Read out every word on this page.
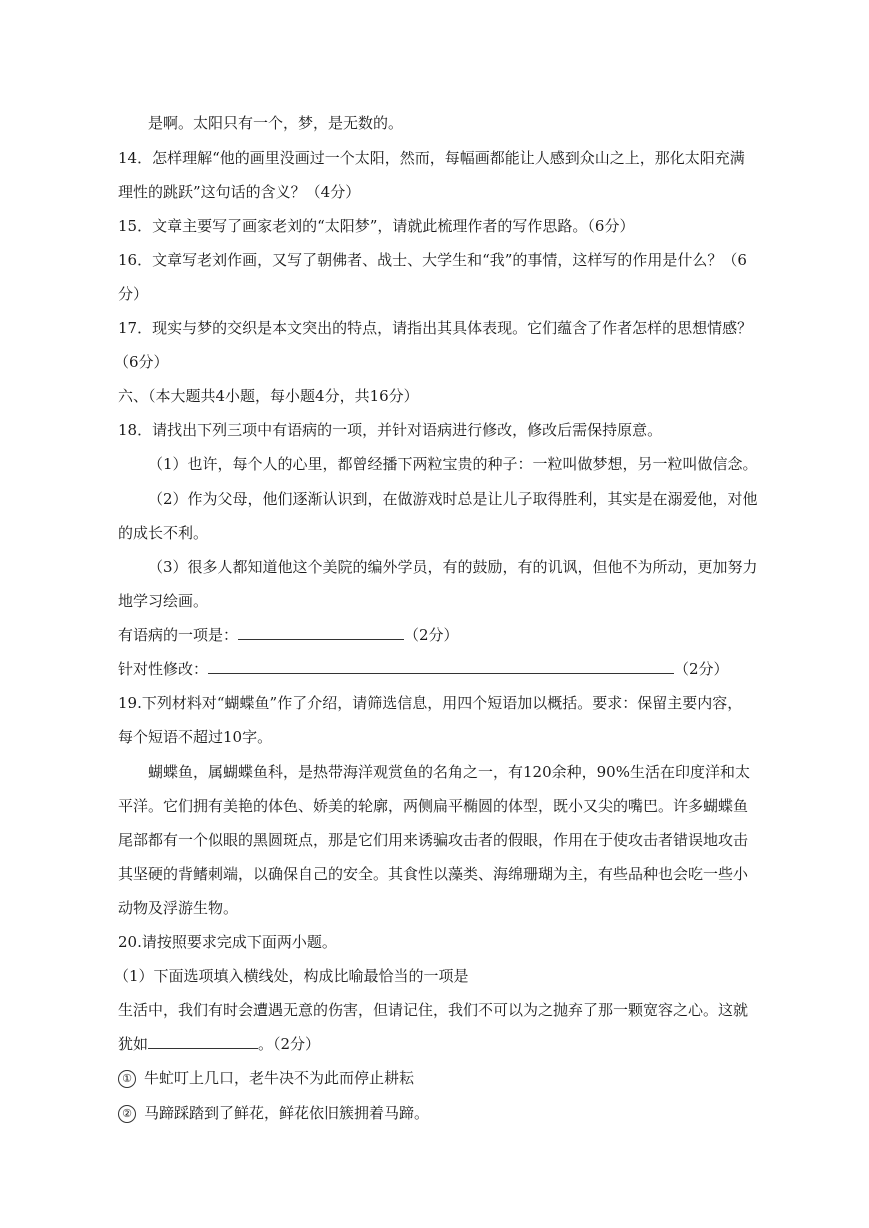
是啊。太阳只有一个，梦，是无数的。
14．怎样理解“他的画里没画过一个太阳，然而，每幅画都能让人感到众山之上，那化太阳充满
理性的跳跃”这句话的含义？（4分）
15．文章主要写了画家老刘的“太阳梦”，请就此梳理作者的写作思路。（6分）
16．文章写老刘作画，又写了朝佛者、战士、大学生和“我”的事情，这样写的作用是什么？（6
分）
17．现实与梦的交织是本文突出的特点，请指出其具体表现。它们蕴含了作者怎样的思想情感？
（6分）
六、（本大题共4小题，每小题4分，共16分）
18．请找出下列三项中有语病的一项，并针对语病进行修改，修改后需保持原意。
（1）也许，每个人的心里，都曾经播下两粒宝贵的种子：一粒叫做梦想，另一粒叫做信念。
（2）作为父母，他们逐渐认识到，在做游戏时总是让儿子取得胜利，其实是在溺爱他，对他
的成长不利。
（3）很多人都知道他这个美院的编外学员，有的鼓励，有的讥讽，但他不为所动，更加努力
地学习绘画。
有语病的一项是：	（2分）
针对性修改：	（2分）
19.下列材料对“蝴蝶鱼”作了介绍，请筛选信息，用四个短语加以概括。要求：保留主要内容，
每个短语不超过10字。
蝴蝶鱼，属蝴蝶鱼科，是热带海洋观赏鱼的名角之一，有120余种，90%生活在印度洋和太
平洋。它们拥有美艳的体色、娇美的轮廓，两侧扁平椭圆的体型，既小又尖的嘴巴。许多蝴蝶鱼
尾部都有一个似眼的黑圆斑点，那是它们用来诱骗攻击者的假眼，作用在于使攻击者错误地攻击
其坚硬的背鳍刺端，以确保自己的安全。其食性以藻类、海绵珊瑚为主，有些品种也会吃一些小
动物及浮游生物。
20.请按照要求完成下面两小题。
（1）下面选项填入横线处，构成比喻最恰当的一项是
生活中，我们有时会遭遇无意的伤害，但请记住，我们不可以为之抛弃了那一颗宽容之心。这就
犹如	。（2分）
① 牛虻叮上几口，老牛决不为此而停止耕耘
② 马蹄踩踏到了鲜花，鲜花依旧簇拥着马蹄。
